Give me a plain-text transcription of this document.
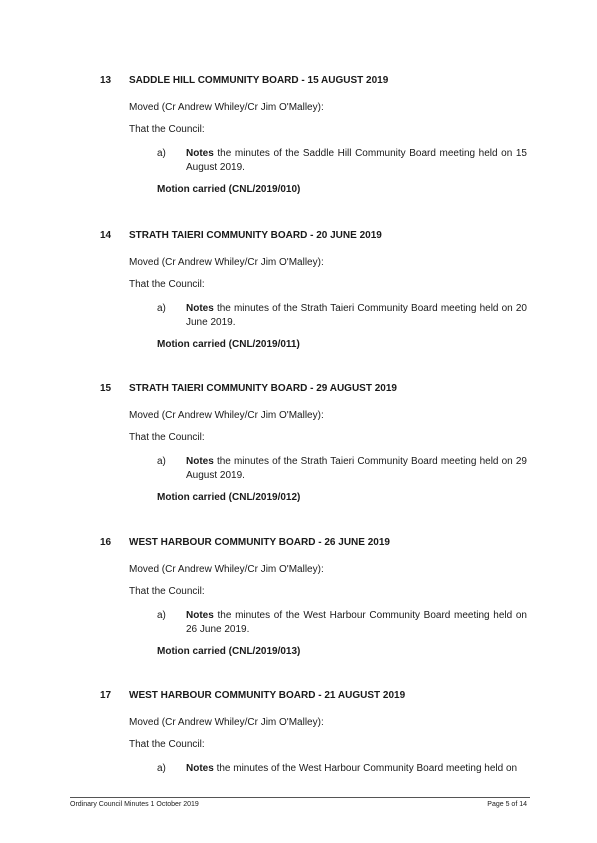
13 SADDLE HILL COMMUNITY BOARD - 15 AUGUST 2019
Moved (Cr Andrew Whiley/Cr Jim O'Malley):
That the Council:
a) Notes the minutes of the Saddle Hill Community Board meeting held on 15 August 2019.
Motion carried (CNL/2019/010)
14 STRATH TAIERI COMMUNITY BOARD - 20 JUNE 2019
Moved (Cr Andrew Whiley/Cr Jim O'Malley):
That the Council:
a) Notes the minutes of the Strath Taieri Community Board meeting held on 20 June 2019.
Motion carried (CNL/2019/011)
15 STRATH TAIERI COMMUNITY BOARD - 29 AUGUST 2019
Moved (Cr Andrew Whiley/Cr Jim O'Malley):
That the Council:
a) Notes the minutes of the Strath Taieri Community Board meeting held on 29 August 2019.
Motion carried (CNL/2019/012)
16 WEST HARBOUR COMMUNITY BOARD - 26 JUNE 2019
Moved (Cr Andrew Whiley/Cr Jim O'Malley):
That the Council:
a) Notes the minutes of the West Harbour Community Board meeting held on 26 June 2019.
Motion carried (CNL/2019/013)
17 WEST HARBOUR COMMUNITY BOARD - 21 AUGUST 2019
Moved (Cr Andrew Whiley/Cr Jim O'Malley):
That the Council:
a) Notes the minutes of the West Harbour Community Board meeting held on
Ordinary Council Minutes 1 October 2019	Page 5 of 14
